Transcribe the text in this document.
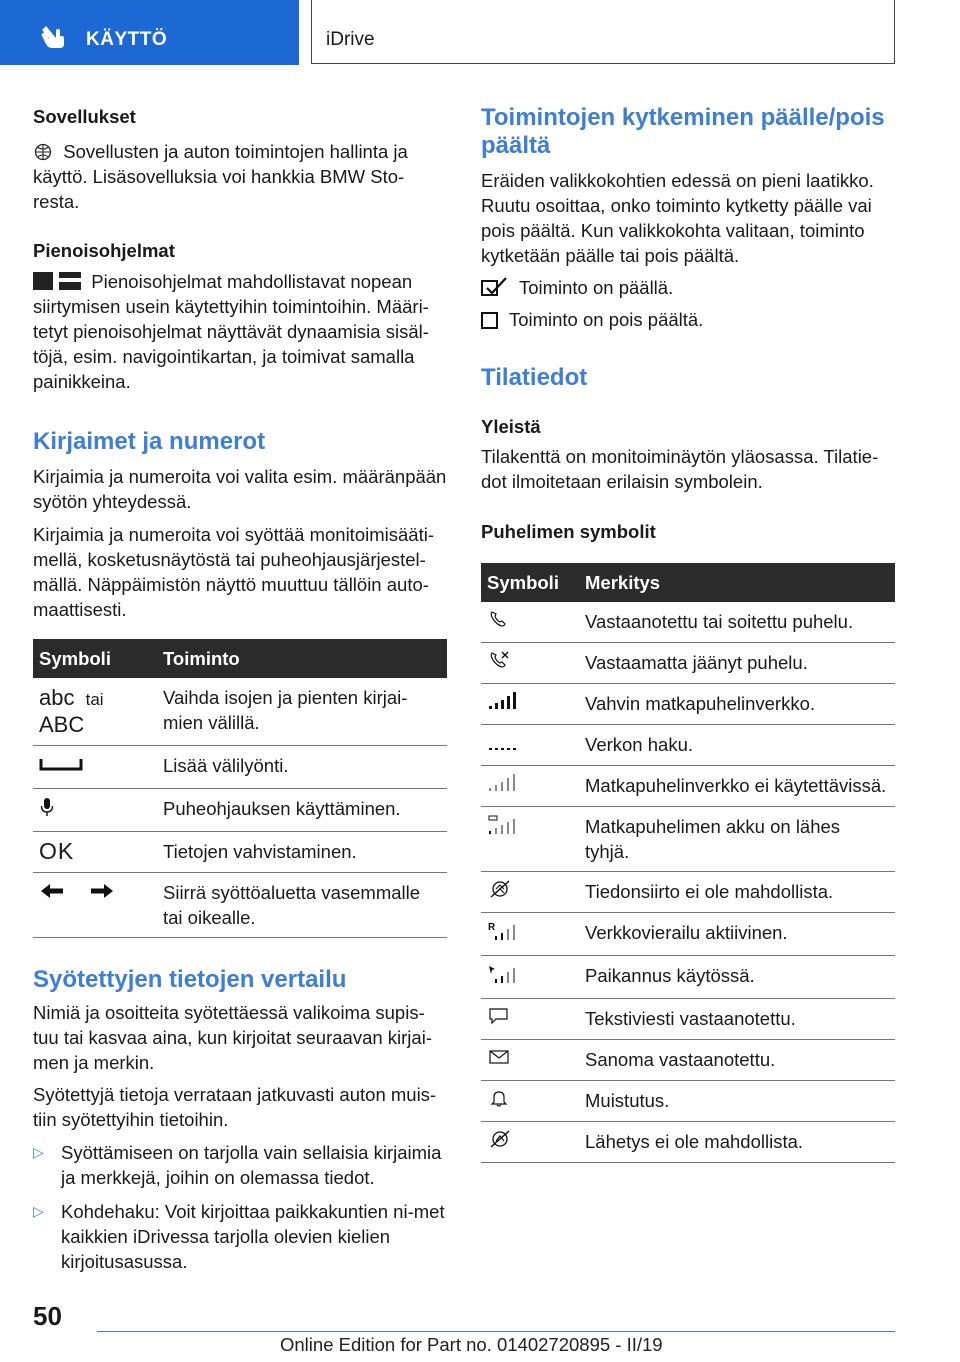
KÄYTTÖ	iDrive

Sovellukset

Sovellusten ja auton toimintojen hallinta ja käyttö. Lisäsovelluksia voi hankkia BMW Sto-resta.

Pienoisohjelmat

Pienoisohjelmat mahdollistavat nopean siirtymisen usein käytettyihin toimintoihin. Määri-tetyt pienoisohjelmat näyttävät dynaamisia sisäl-töjä, esim. navigointikartan, ja toimivat samalla painikkeina.

Kirjaimet ja numerot

Kirjaimia ja numeroita voi valita esim. määränpään syötön yhteydessä.

Kirjaimia ja numeroita voi syöttää monitoimisääti-mellä, kosketusnäytöstä tai puheohjausjärjestel-mällä. Näppäimistön näyttö muuttuu tällöin auto-maattisesti.

Symboli	Toiminto
abc tai
ABC	Vaihda isojen ja pienten kirjai-mien välillä.
	Lisää välilyönti.
	Puheohjauksen käyttäminen.
OK	Tietojen vahvistaminen.
	Siirrä syöttöaluetta vasemmalle tai oikealle.

Syötettyjen tietojen vertailu

Nimiä ja osoitteita syötettäessä valikoima supis-tuu tai kasvaa aina, kun kirjoitat seuraavan kirjai-men ja merkin.

Syötettyjä tietoja verrataan jatkuvasti auton muis-tiin syötettyihin tietoihin.

▷ Syöttämiseen on tarjolla vain sellaisia kirjaimia ja merkkejä, joihin on olemassa tiedot.

▷ Kohdehaku: Voit kirjoittaa paikkakuntien ni-met kaikkien iDrivessa tarjolla olevien kielien kirjoitusasussa.

Toimintojen kytkeminen päälle/pois päältä

Eräiden valikkokohtien edessä on pieni laatikko. Ruutu osoittaa, onko toiminto kytketty päälle vai pois päältä. Kun valikkokohta valitaan, toiminto kytketään päälle tai pois päältä.

Toiminto on päällä.

Toiminto on pois päältä.

Tilatiedot

Yleistä

Tilakenttä on monitoiminäytön yläosassa. Tilatie-dot ilmoitetaan erilaisin symbolein.

Puhelimen symbolit

Symboli	Merkitys
	Vastaanotettu tai soitettu puhelu.
	Vastaamatta jäänyt puhelu.
	Vahvin matkapuhelinverkko.
	Verkon haku.
	Matkapuhelinverkko ei käytettävissä.
	Matkapuhelimen akku on lähes tyhjä.
	Tiedonsiirto ei ole mahdollista.

R	Verkkovierailu aktiivinen.
	Paikannus käytössä.
	Tekstiviesti vastaanotettu.
	Sanoma vastaanotettu.
	Muistutus.
	Lähetys ei ole mahdollista.
50
Online Edition for Part no. 01402720895 - II/19
